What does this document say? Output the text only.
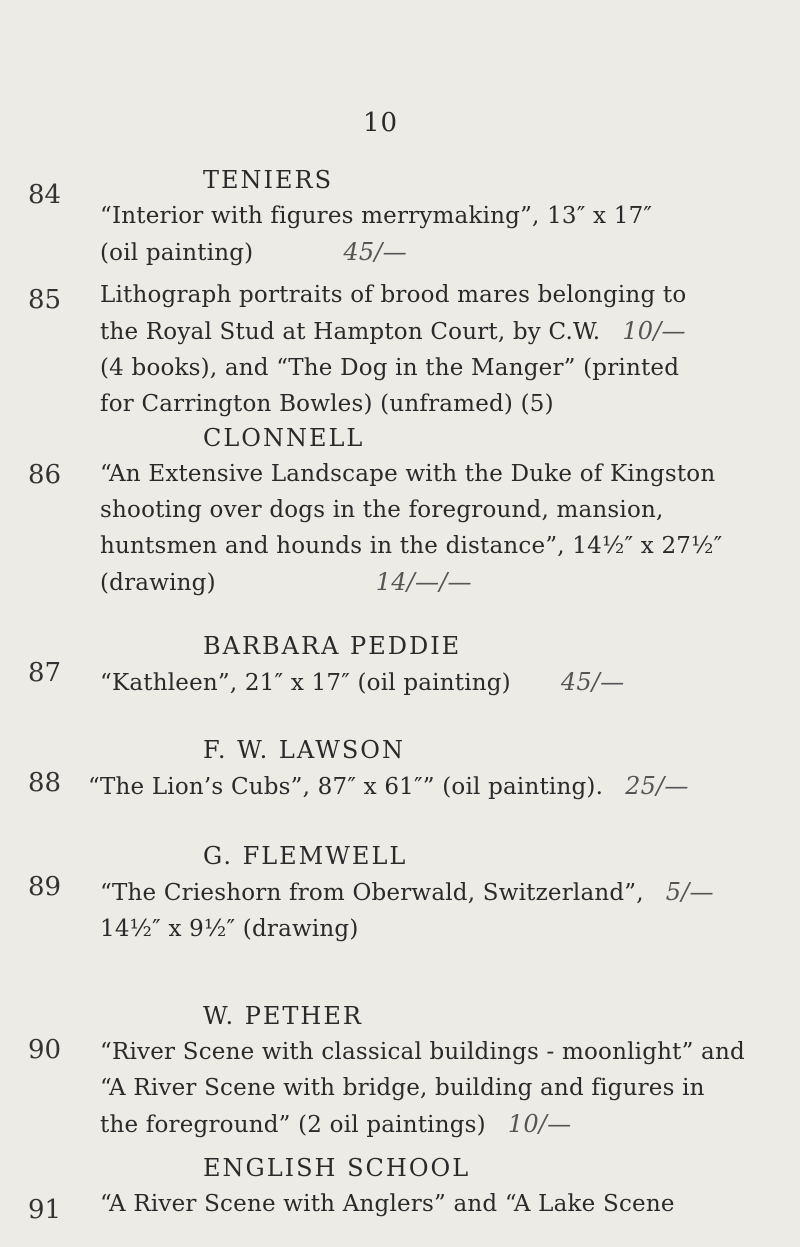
10
84	TENIERS
“Interior with figures merrymaking”, 13″ x 17″
(oil painting)	45/—
85 Lithograph portraits of brood mares belonging to
the Royal Stud at Hampton Court, by C.W. 10/—
(4 books), and “The Dog in the Manger” (printed
for Carrington Bowles) (unframed) (5)
86
CLONNELL
“An Extensive Landscape with the Duke of Kingston
shooting over dogs in the foreground, mansion,
huntsmen and hounds in the distance”, 14½″ x 27½″
(drawing)	14/—/—
87
BARBARA PEDDIE
“Kathleen”, 21″ x 17″ (oil painting) 45/—
88
F. W. LAWSON
“The Lion’s Cubs”, 87″ x 61″” (oil painting). 25/—
89
G. FLEMWELL
“The Crieshorn from Oberwald, Switzerland”, 5/—
14½″ x 9½″ (drawing)
90
W. PETHER
“River Scene with classical buildings - moonlight” and
“A River Scene with bridge, building and figures in
the foreground” (2 oil paintings) 10/—
91
ENGLISH SCHOOL
“A River Scene with Anglers” and “A Lake Scene
